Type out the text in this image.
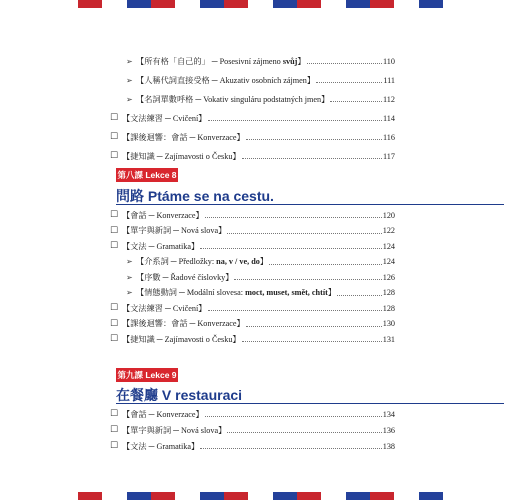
➢ 【所有格「自己的」 ─ Posesivní zájmeno svůj】	110
➢ 【人稱代詞直接受格 ─ Akuzativ osobních zájmen】	111
➢ 【名詞單數呼格 ─ Vokativ singuláru podstatných jmen】	112
☐ 【文法練習 ─ Cvičení】	114
☐ 【課後迴響：會話 ─ Konverzace】	116
☐ 【捷知識 ─ Zajímavosti o Česku】	117
第八課 Lekce 8
問路 Ptáme se na cestu.
☐ 【會話 ─ Konverzace】	120
☐ 【單字與新詞 ─ Nová slova】	122
☐ 【文法 ─ Gramatika】	124
➢ 【介系詞 ─ Předložky: na, v / ve, do】	124
➢ 【序數 ─ Řadové číslovky】	126
➢ 【情態動詞 ─ Modální slovesa: moct, muset, smět, chtít】	128
☐ 【文法練習 ─ Cvičení】	128
☐ 【課後迴響：會話 ─ Konverzace】	130
☐ 【捷知識 ─ Zajímavosti o Česku】	131
第九課 Lekce 9
在餐廳 V restauraci
☐ 【會話 ─ Konverzace】	134
☐ 【單字與新詞 ─ Nová slova】	136
☐ 【文法 ─ Gramatika】	138
